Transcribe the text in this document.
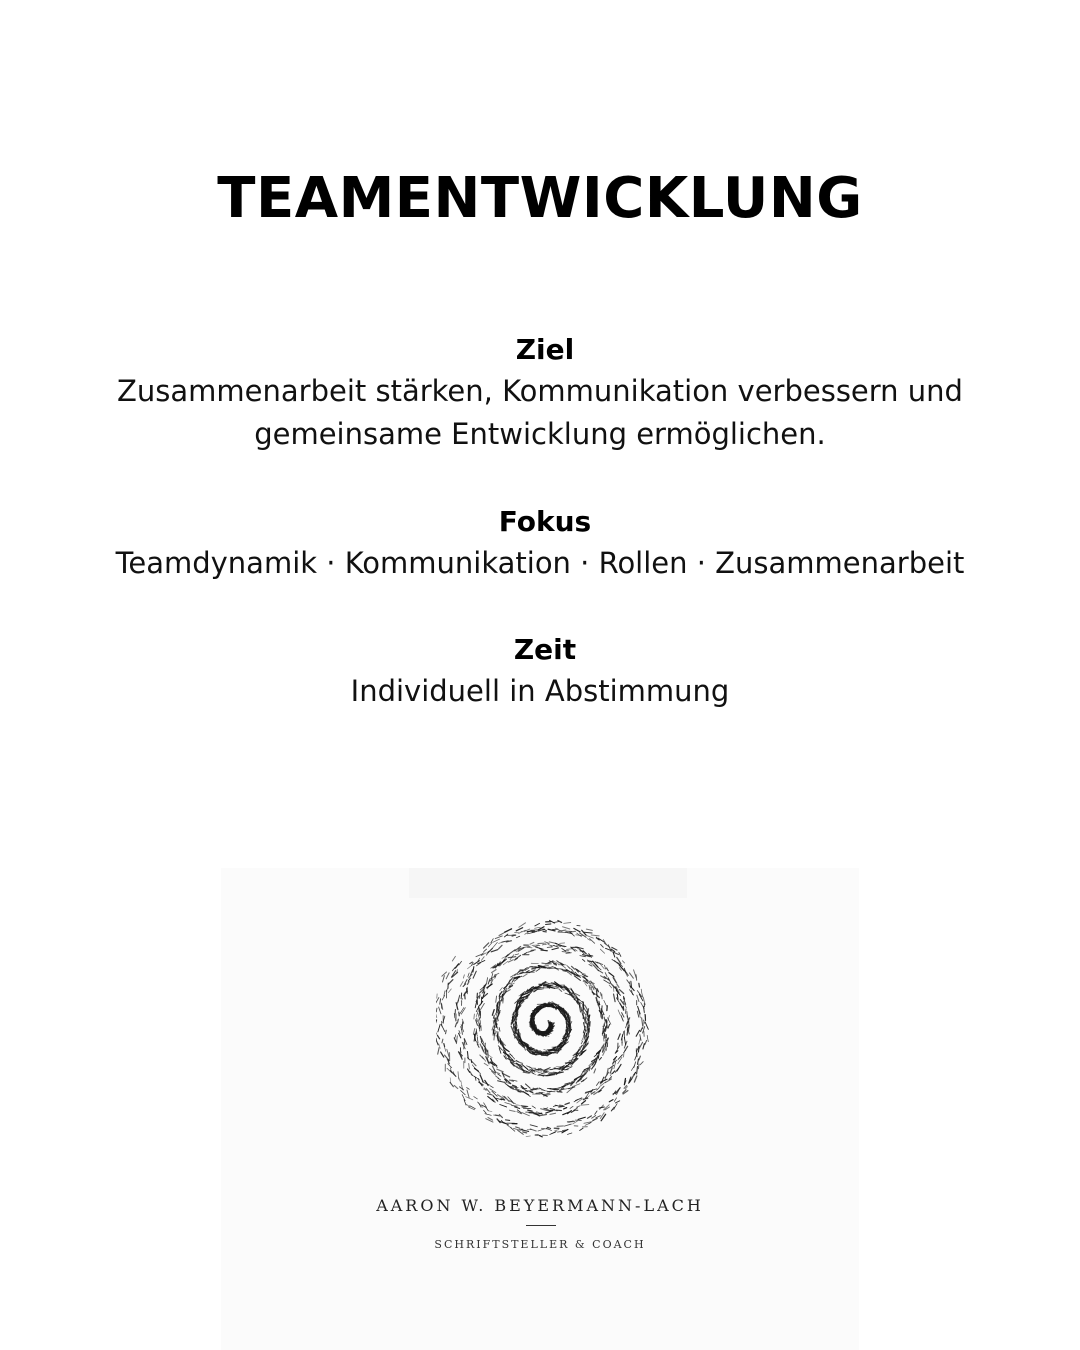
TEAMENTWICKLUNG
Ziel
Zusammenarbeit stärken, Kommunikation verbessern und
gemeinsame Entwicklung ermöglichen.
Fokus
Teamdynamik · Kommunikation · Rollen · Zusammenarbeit
Zeit
Individuell in Abstimmung
AARON W. BEYERMANN-LACH
SCHRIFTSTELLER & COACH
